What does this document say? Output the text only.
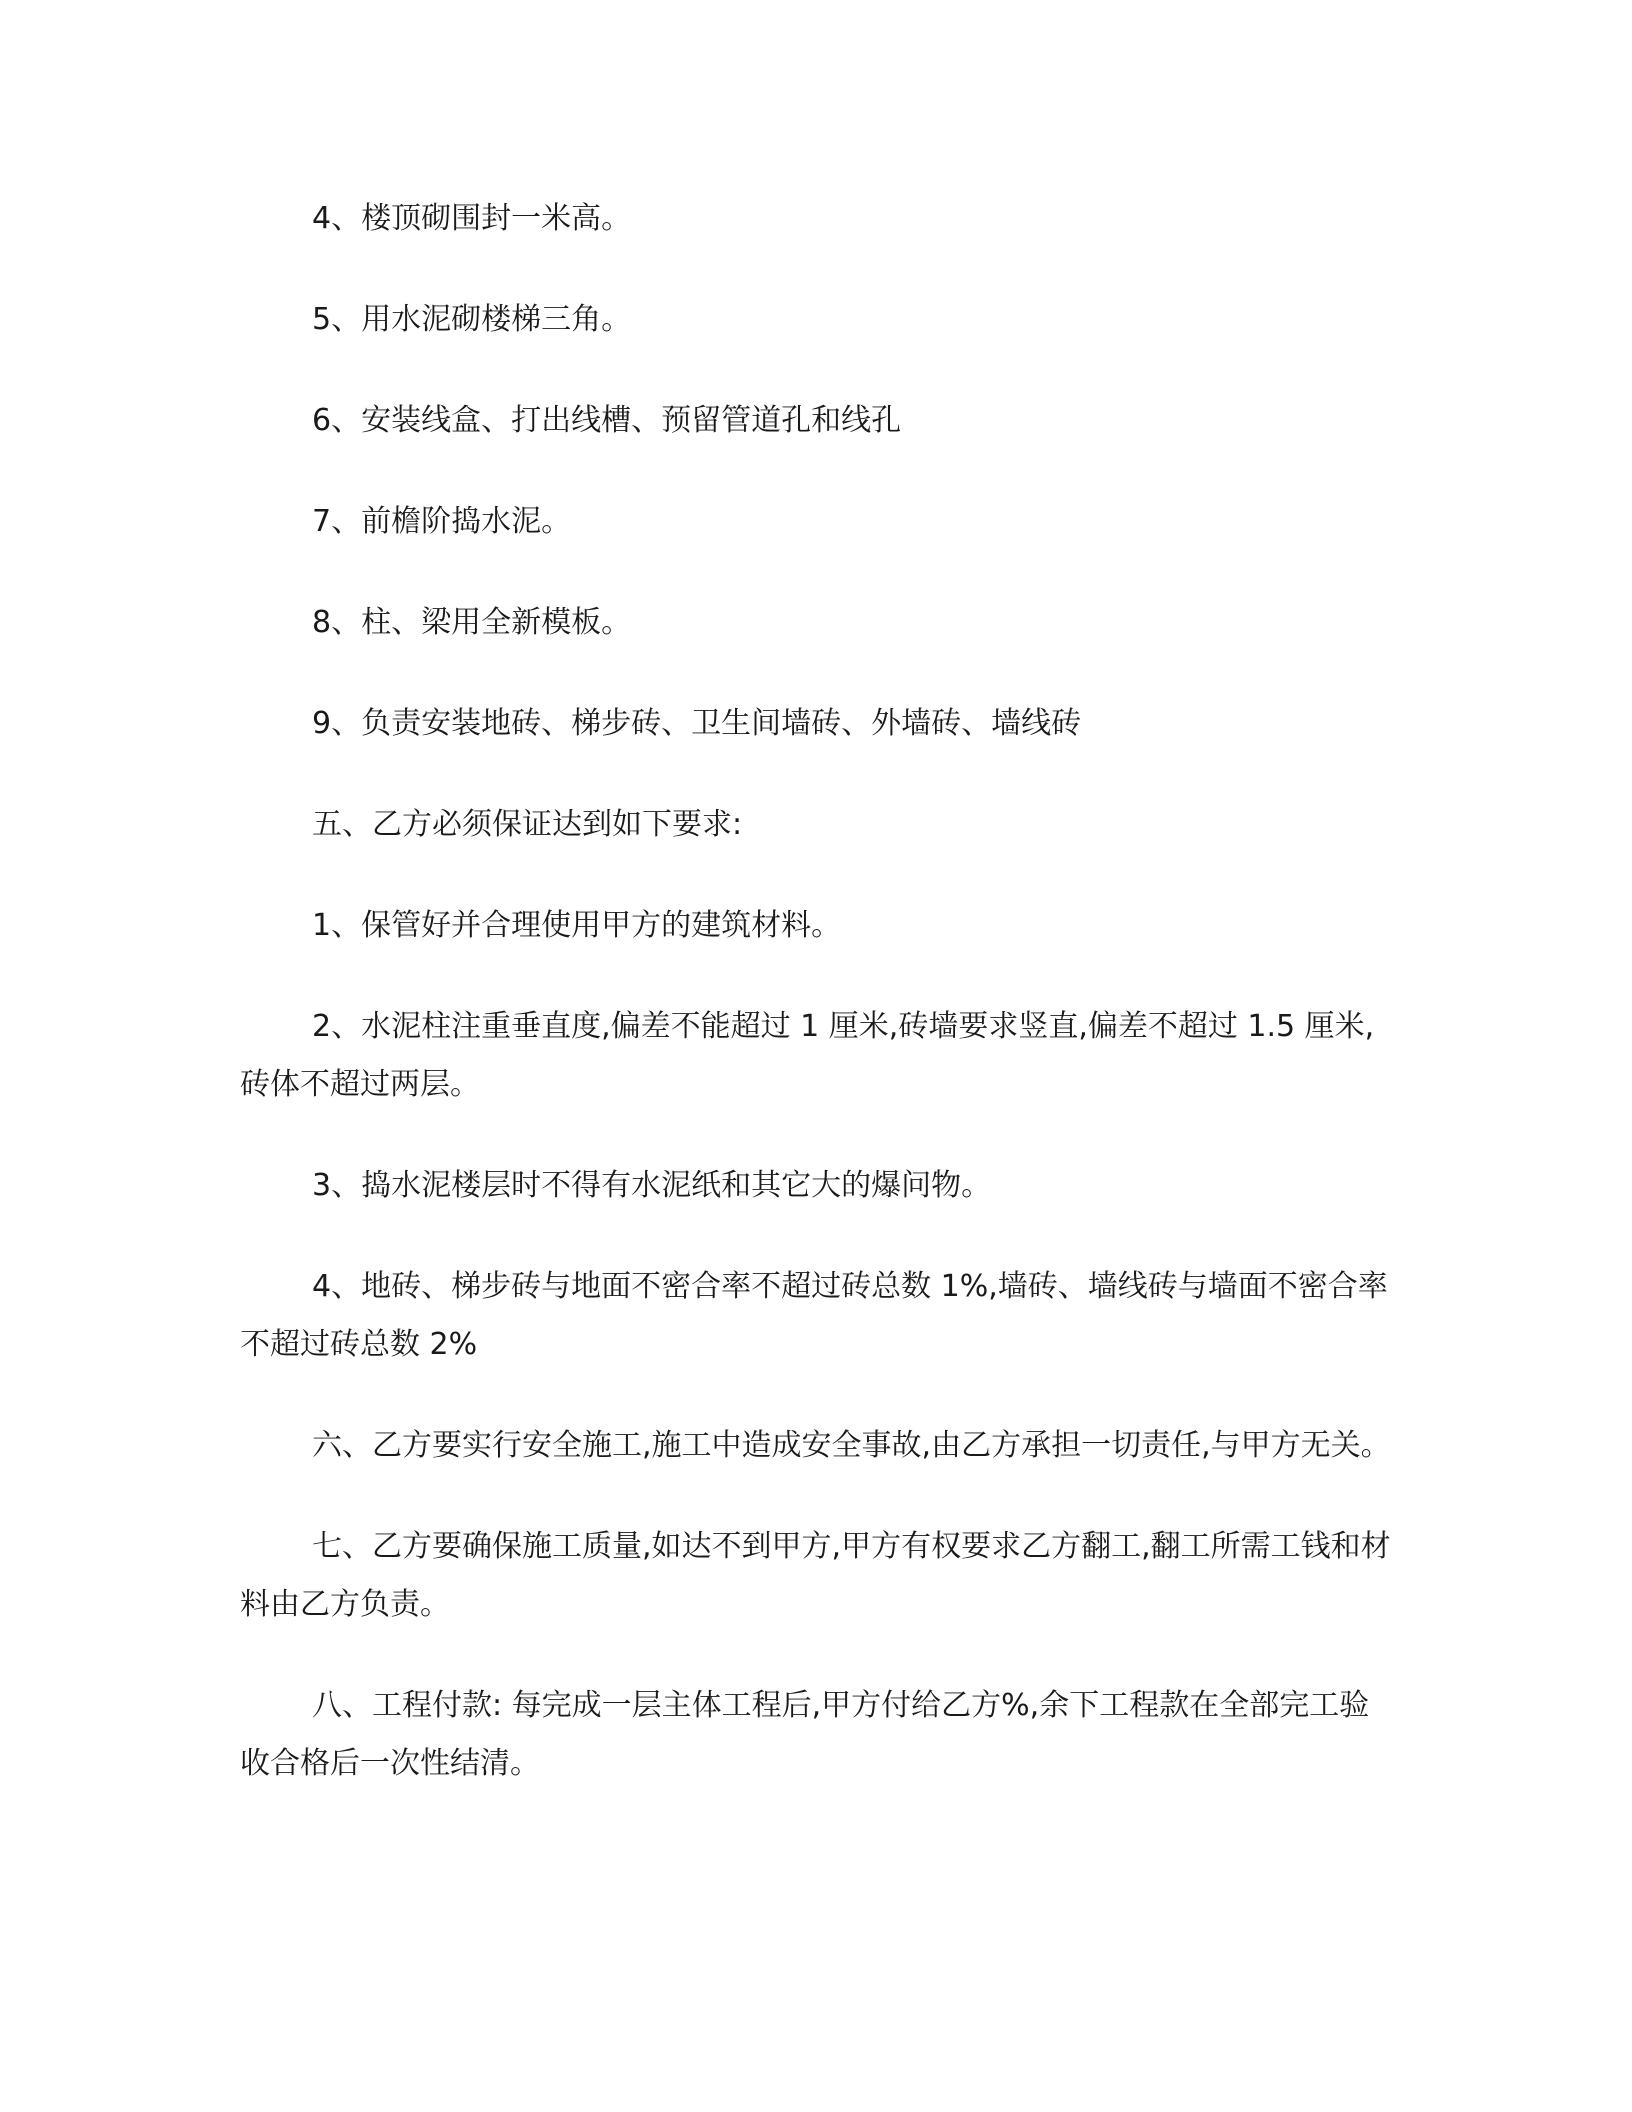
4、楼顶砌围封一米高。

5、用水泥砌楼梯三角。

6、安装线盒、打出线槽、预留管道孔和线孔

7、前檐阶捣水泥。

8、柱、梁用全新模板。

9、负责安装地砖、梯步砖、卫生间墙砖、外墙砖、墙线砖

五、乙方必须保证达到如下要求:

1、保管好并合理使用甲方的建筑材料。

2、水泥柱注重垂直度,偏差不能超过 1 厘米,砖墙要求竖直,偏差不超过 1.5 厘米,砖体不超过两层。

3、捣水泥楼层时不得有水泥纸和其它大的爆问物。

4、地砖、梯步砖与地面不密合率不超过砖总数 1%,墙砖、墙线砖与墙面不密合率不超过砖总数 2%

六、乙方要实行安全施工,施工中造成安全事故,由乙方承担一切责任,与甲方无关。

七、乙方要确保施工质量,如达不到甲方,甲方有权要求乙方翻工,翻工所需工钱和材料由乙方负责。

八、工程付款: 每完成一层主体工程后,甲方付给乙方%,余下工程款在全部完工验收合格后一次性结清。
